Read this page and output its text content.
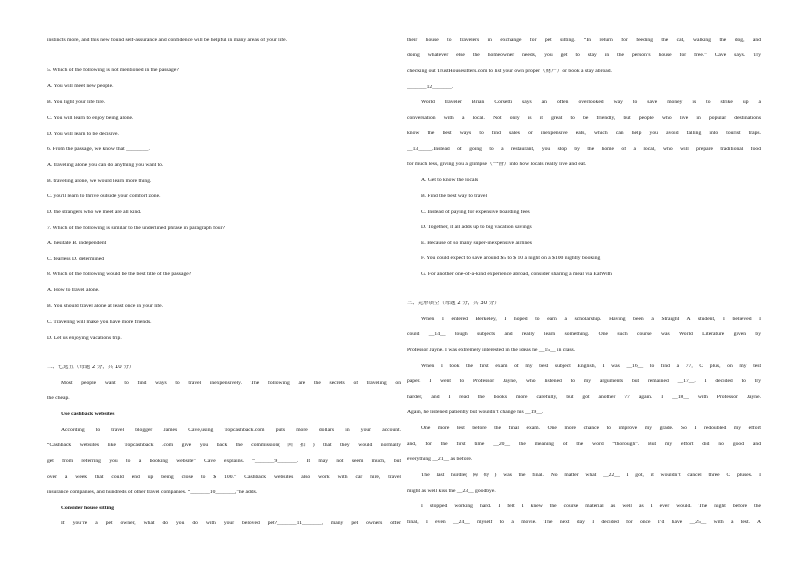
instincts more, and this new found self-assurance and confidence will be helpful in many areas of your life.
5. Which of the following is not mentioned in the passage?
A. You will meet new people.
B. You light your life fire.
C. You will learn to enjoy being alone.
D. You will learn to be decisive.
6. From the passage, we know that ________.
A. traveling alone you can do anything you want to.
B. traveling alone, we would learn more thing.
C. you'll learn to thrive outside your comfort zone.
D. the strangers who we meet are all kind.
7. Which of the following is similar to the underlined phrase in paragraph four?
A. hesitate B. independent
C. fearless D. determined
8. Which of the following would be the best title of the passage?
A. How to travel alone.
B. You should travel alone at least once in your life.
C. Traveling will make you have more friends.
D. Let us enjoying vacations trip.
二、七选五（每题 2 分，共 10 分）
Most people want to find ways to travel inexpensively. The following are the secrets of traveling on
the cheap.
Use cashback websites
According to travel blogger James Cave,using Topcashback.com puts more dollars in your account.
“Cashback websites like Topcashback .com give you back the commission(回扣) that they would normally
get from referring you to a booking website” Cave explains. “_______9_______. It may not seem much, but
over a week that could end up being close to $ 100.” Cashback websites also work with car hire, travel
insurance companies, and hundreds of other travel companies. “_______10_______,”he adds.
Consider house sitting
If you’re a pet owner, what do you do with your beloved pet?_______11_______, many pet owners offer
their house to travelers in exchange for pet sitting. “In return for feeding the cat, walking the dog, and
doing whatever else the homeowner needs, you get to stay in the person’s house for free.” Cave says. Try
checking out TrustHousesitters.com to list your own proper（财产）or book a stay abroad.
_______12_______.
World traveler Brian Corsetti says an often overlooked way to save money is to strike up a
conversation with a local. Not only is it great to be friendly, but people who live in popular destinations
know the best ways to find sales or inexpensive eats, which can help you avoid falling into tourist traps.
__13_____.Instead of going to a restaurant, you stop by the home of a local, who will prepare traditional food
for much less, giving you a glimpse（一瞥）into how locals really live and eat.
A. Get to know the locals
B. Find the best way to travel
C. Instead of paying for expensive boarding fees
D. Together, it all adds up to big vacation savings
E. Because of so many super-inexpensive airlines
F. You could expect to save around $5 to $ 10 a night on a $100 nightly booking
G. For another one-of-a-kind experience abroad, consider sharing a meal via EatWith
三、完形填空（每题 2 分，共 30 分）
When I entered Berkeley, I hoped to earn a scholarship. Having been a Straight A student, I believed I
could __14__ tough subjects and really learn something. One such course was World Literature given by
Professor Jayne. I was extremely interested in the ideas he __15__ in class.
When I took the first exam of my best subject English, I was __16__ to find a 77, C plus, on my test
paper. I went to Professor Jayne, who listened to my arguments but remained __17__. I decided to try
harder, and I read the books more carefully, but got another 77 again. I __18__ with Professor Jayne.
Again, he listened patiently but wouldn’t change his __19__.
One more test before the final exam. One more chance to improve my grade. So I redoubled my effort
and, for the first time __20__ the meaning of the word “thorough”. But my effort did no good and
everything __21__ as before.
The last hurdle(障碍) was the final. No matter what __22__ I got, it wouldn’t cancel three C pluses. I
might as well kiss the __23__ goodbye.
I stopped working hard. I felt I knew the course material as well as I ever would. The night before the
final, I even __24__ myself to a movie. The next day I decided for once I’d have __25__ with a test. A
